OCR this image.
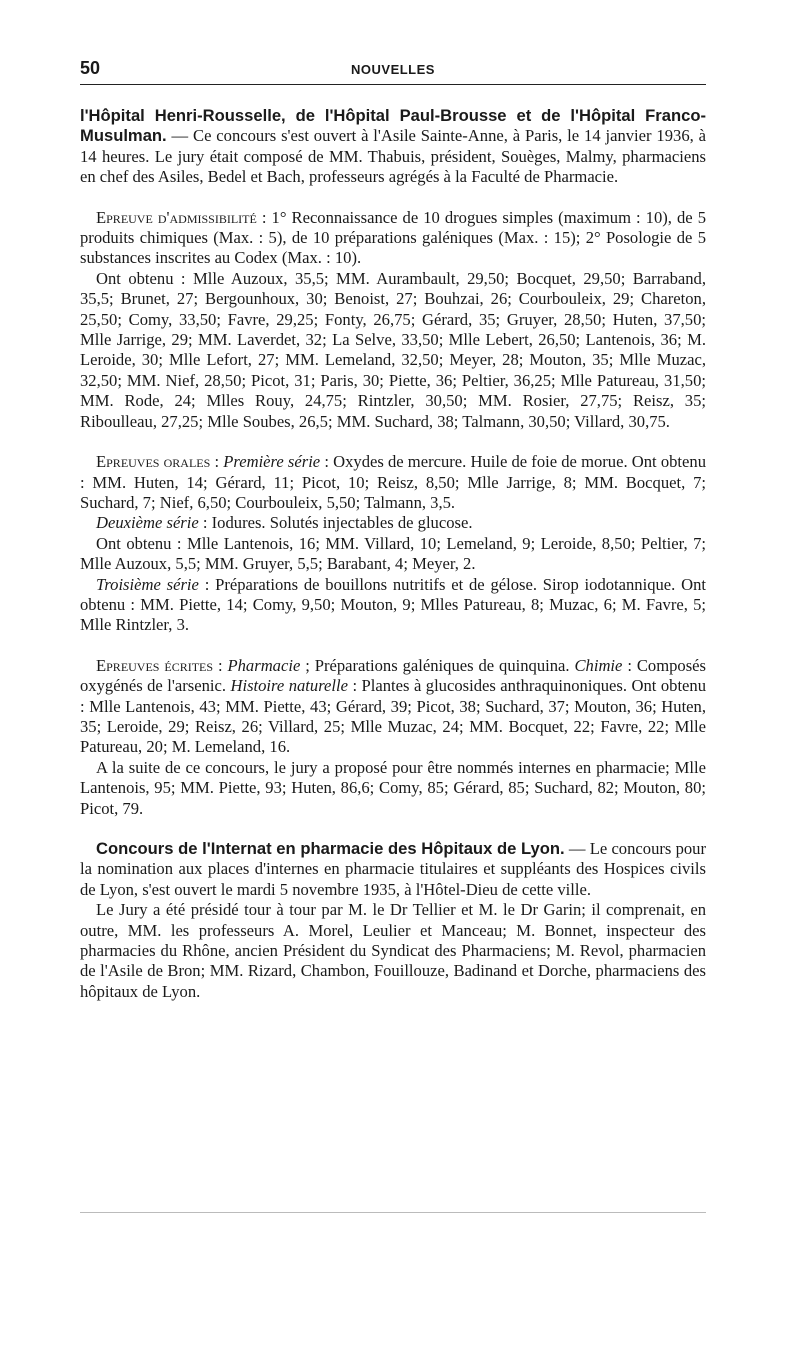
50	NOUVELLES

l'Hôpital Henri-Rousselle, de l'Hôpital Paul-Brousse et de l'Hôpital Franco-Musulman. — Ce concours s'est ouvert à l'Asile Sainte-Anne, à Paris, le 14 janvier 1936, à 14 heures. Le jury était composé de MM. Thabuis, président, Souèges, Malmy, pharmaciens en chef des Asiles, Bedel et Bach, professeurs agrégés à la Faculté de Pharmacie.

Epreuve d'admissibilité : 1° Reconnaissance de 10 drogues simples (maximum : 10), de 5 produits chimiques (Max. : 5), de 10 préparations galéniques (Max. : 15); 2° Posologie de 5 substances inscrites au Codex (Max. : 10).

Ont obtenu : Mlle Auzoux, 35,5; MM. Aurambault, 29,50; Bocquet, 29,50; Barraband, 35,5; Brunet, 27; Bergounhoux, 30; Benoist, 27; Bouhzai, 26; Courbouleix, 29; Chareton, 25,50; Comy, 33,50; Favre, 29,25; Fonty, 26,75; Gérard, 35; Gruyer, 28,50; Huten, 37,50; Mlle Jarrige, 29; MM. Laverdet, 32; La Selve, 33,50; Mlle Lebert, 26,50; Lantenois, 36; M. Leroide, 30; Mlle Lefort, 27; MM. Lemeland, 32,50; Meyer, 28; Mouton, 35; Mlle Muzac, 32,50; MM. Nief, 28,50; Picot, 31; Paris, 30; Piette, 36; Peltier, 36,25; Mlle Patureau, 31,50; MM. Rode, 24; Mlles Rouy, 24,75; Rintzler, 30,50; MM. Rosier, 27,75; Reisz, 35; Riboulleau, 27,25; Mlle Soubes, 26,5; MM. Suchard, 38; Talmann, 30,50; Villard, 30,75.

Epreuves orales : Première série : Oxydes de mercure. Huile de foie de morue. Ont obtenu : MM. Huten, 14; Gérard, 11; Picot, 10; Reisz, 8,50; Mlle Jarrige, 8; MM. Bocquet, 7; Suchard, 7; Nief, 6,50; Courbouleix, 5,50; Talmann, 3,5.

Deuxième série : Iodures. Solutés injectables de glucose.

Ont obtenu : Mlle Lantenois, 16; MM. Villard, 10; Lemeland, 9; Leroide, 8,50; Peltier, 7; Mlle Auzoux, 5,5; MM. Gruyer, 5,5; Barabant, 4; Meyer, 2.

Troisième série : Préparations de bouillons nutritifs et de gélose. Sirop iodotannique. Ont obtenu : MM. Piette, 14; Comy, 9,50; Mouton, 9; Mlles Patureau, 8; Muzac, 6; M. Favre, 5; Mlle Rintzler, 3.

Epreuves écrites : Pharmacie ; Préparations galéniques de quinquina. Chimie : Composés oxygénés de l'arsenic. Histoire naturelle : Plantes à glucosides anthraquinoniques. Ont obtenu : Mlle Lantenois, 43; MM. Piette, 43; Gérard, 39; Picot, 38; Suchard, 37; Mouton, 36; Huten, 35; Leroide, 29; Reisz, 26; Villard, 25; Mlle Muzac, 24; MM. Bocquet, 22; Favre, 22; Mlle Patureau, 20; M. Lemeland, 16.

A la suite de ce concours, le jury a proposé pour être nommés internes en pharmacie; Mlle Lantenois, 95; MM. Piette, 93; Huten, 86,6; Comy, 85; Gérard, 85; Suchard, 82; Mouton, 80; Picot, 79.

Concours de l'Internat en pharmacie des Hôpitaux de Lyon. — Le concours pour la nomination aux places d'internes en pharmacie titulaires et suppléants des Hospices civils de Lyon, s'est ouvert le mardi 5 novembre 1935, à l'Hôtel-Dieu de cette ville.

Le Jury a été présidé tour à tour par M. le Dr Tellier et M. le Dr Garin; il comprenait, en outre, MM. les professeurs A. Morel, Leulier et Manceau; M. Bonnet, inspecteur des pharmacies du Rhône, ancien Président du Syndicat des Pharmaciens; M. Revol, pharmacien de l'Asile de Bron; MM. Rizard, Chambon, Fouillouze, Badinand et Dorche, pharmaciens des hôpitaux de Lyon.
